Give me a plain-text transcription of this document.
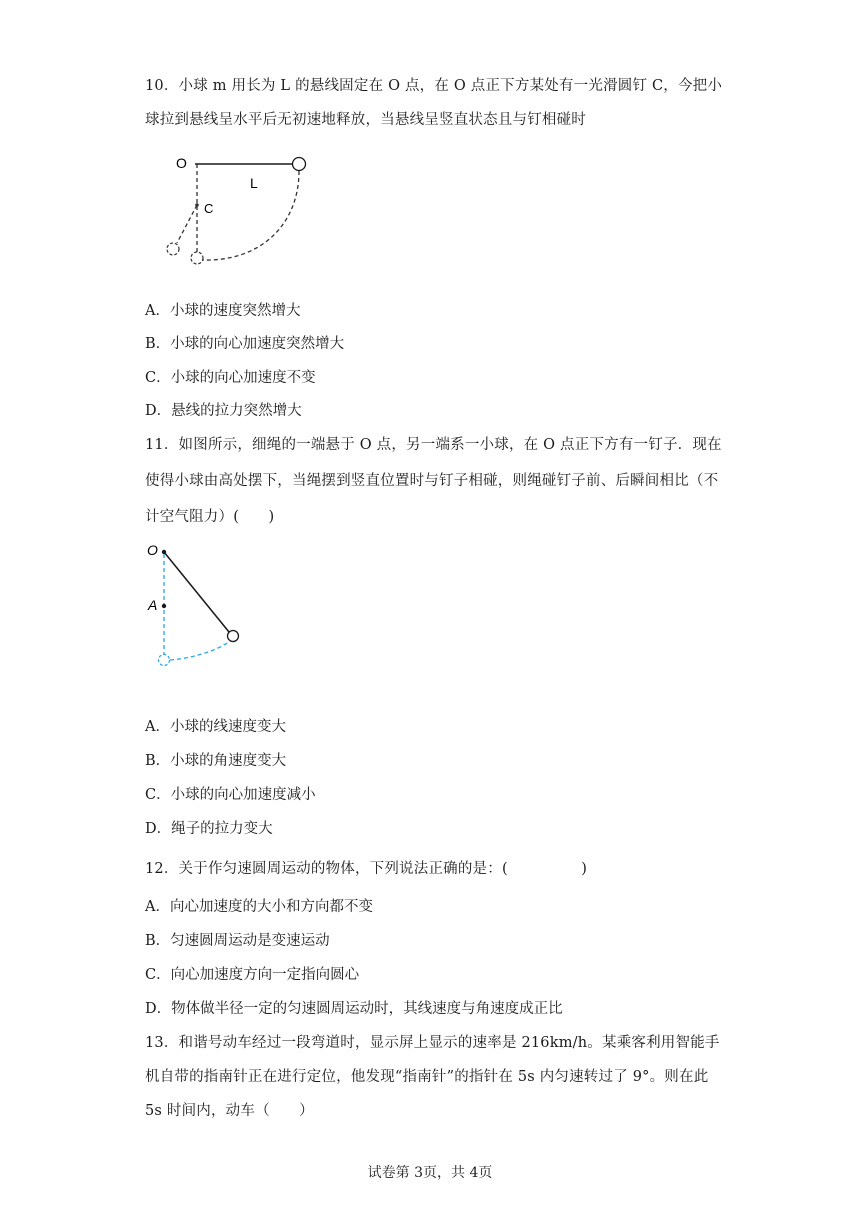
10．小球 m 用长为 L 的悬线固定在 O 点，在 O 点正下方某处有一光滑圆钉 C，今把小
球拉到悬线呈水平后无初速地释放，当悬线呈竖直状态且与钉相碰时
O
L
C
A．小球的速度突然增大
B．小球的向心加速度突然增大
C．小球的向心加速度不变
D．悬线的拉力突然增大
11．如图所示，细绳的一端悬于 O 点，另一端系一小球，在 O 点正下方有一钉子．现在
使得小球由高处摆下，当绳摆到竖直位置时与钉子相碰，则绳碰钉子前、后瞬间相比（不
计空气阻力）(　　)
O
A
A．小球的线速度变大
B．小球的角速度变大
C．小球的向心加速度减小
D．绳子的拉力变大
12．关于作匀速圆周运动的物体，下列说法正确的是：(　　　　　)
A．向心加速度的大小和方向都不变
B．匀速圆周运动是变速运动
C．向心加速度方向一定指向圆心
D．物体做半径一定的匀速圆周运动时，其线速度与角速度成正比
13．和谐号动车经过一段弯道时，显示屏上显示的速率是 216km/h。某乘客利用智能手
机自带的指南针正在进行定位，他发现“指南针”的指针在 5s 内匀速转过了 9°。则在此
5s 时间内，动车（　　）
试卷第 3页，共 4页
